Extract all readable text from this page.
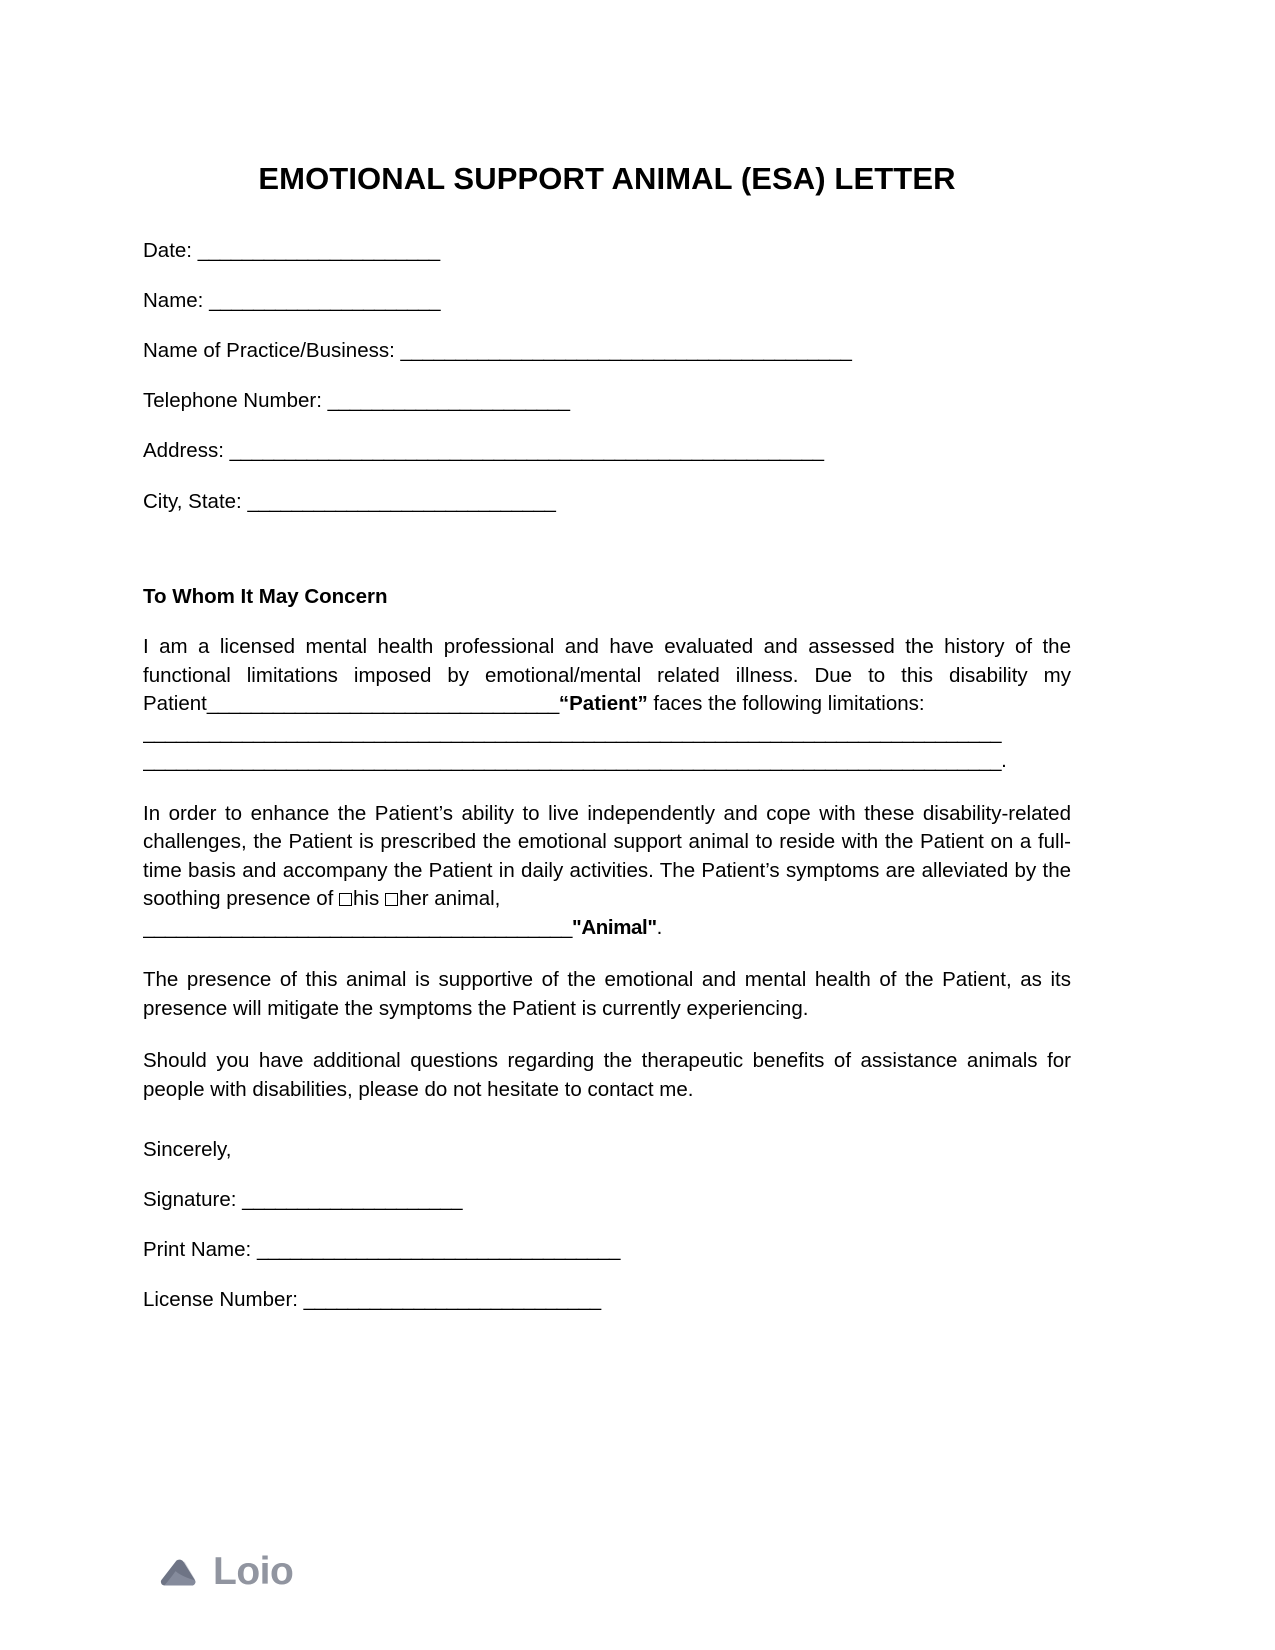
EMOTIONAL SUPPORT ANIMAL (ESA) LETTER
Date: ______________________
Name: _____________________
Name of Practice/Business: _________________________________________
Telephone Number: ______________________
Address: ______________________________________________________
City, State: ____________________________

To Whom It May Concern

I am a licensed mental health professional and have evaluated and assessed the history of the functional limitations imposed by emotional/mental related illness. Due to this disability my Patient________________________________“Patient” faces the following limitations:
______________________________________________________________________________
______________________________________________________________________________.

In order to enhance the Patient’s ability to live independently and cope with these disability-related challenges, the Patient is prescribed the emotional support animal to reside with the Patient on a full-time basis and accompany the Patient in daily activities. The Patient’s symptoms are alleviated by the soothing presence of his her animal,
_______________________________________"Animal".

The presence of this animal is supportive of the emotional and mental health of the Patient, as its presence will mitigate the symptoms the Patient is currently experiencing.

Should you have additional questions regarding the therapeutic benefits of assistance animals for people with disabilities, please do not hesitate to contact me.

Sincerely,
Signature: ____________________
Print Name: _________________________________
License Number: ___________________________
Loio
